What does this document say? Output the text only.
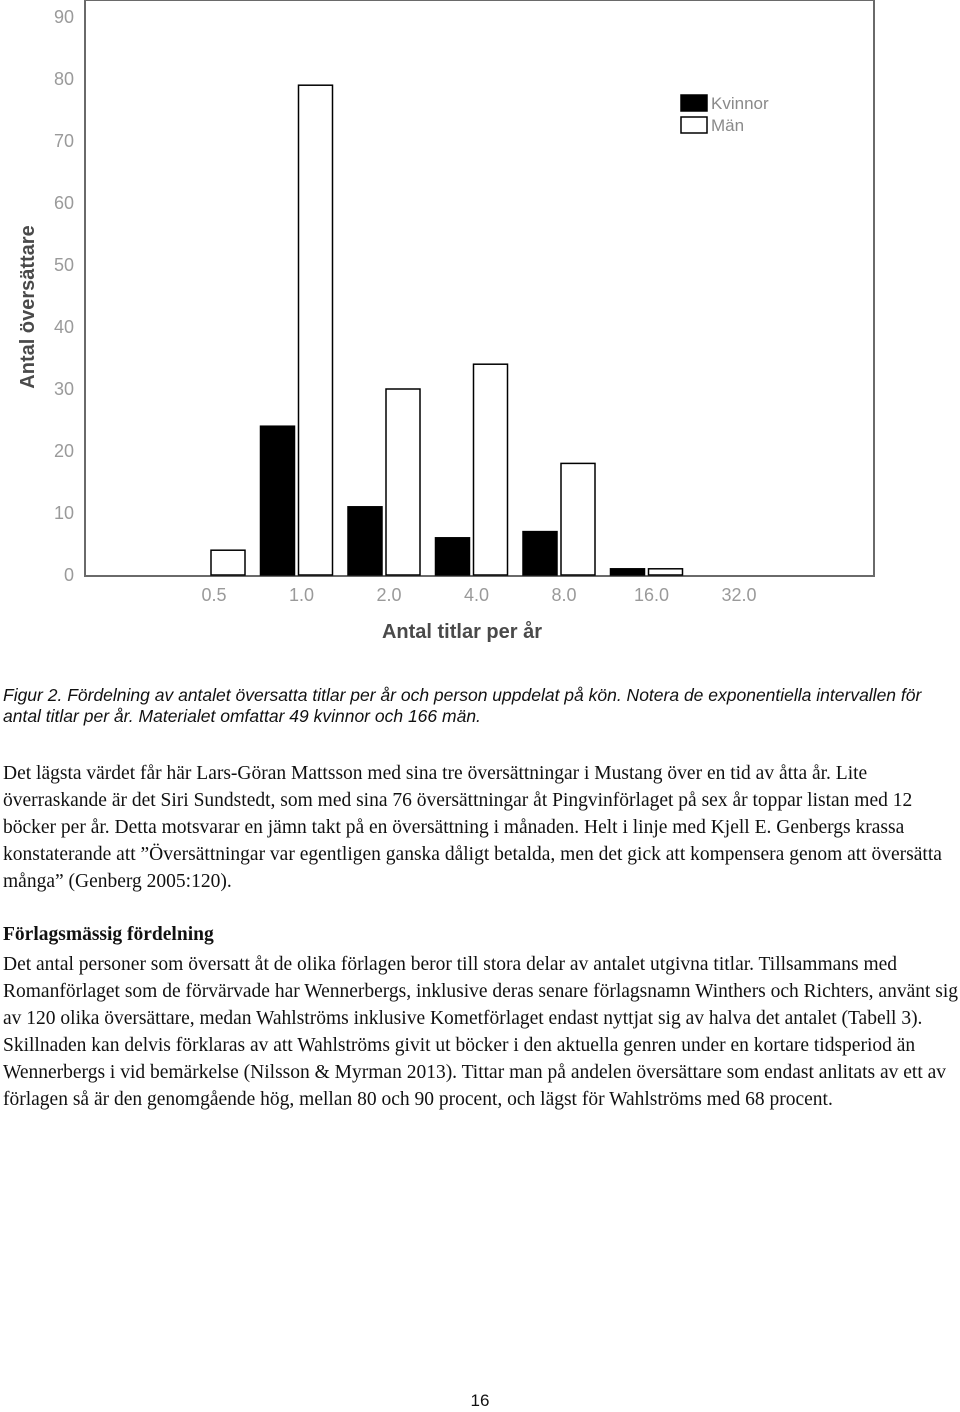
0
10
20
30
40
50
60
70
80
90
0.5	1.0	2.0	4.0	8.0	16.0	32.0
Antal översättare
Antal titlar per år
Kvinnor
Män
Figur 2. Fördelning av antalet översatta titlar per år och person uppdelat på kön. Notera de exponentiella intervallen för antal titlar per år. Materialet omfattar 49 kvinnor och 166 män.

Det lägsta värdet får här Lars-Göran Mattsson med sina tre översättningar i Mustang över en tid av åtta år. Lite överraskande är det Siri Sundstedt, som med sina 76 översättningar åt Pingvinförlaget på sex år toppar listan med 12 böcker per år. Detta motsvarar en jämn takt på en översättning i månaden. Helt i linje med Kjell E. Genbergs krassa konstaterande att ”Översättningar var egentligen ganska dåligt betalda, men det gick att kompensera genom att översätta många” (Genberg 2005:120).

Förlagsmässig fördelning

Det antal personer som översatt åt de olika förlagen beror till stora delar av antalet utgivna titlar. Tillsammans med Romanförlaget som de förvärvade har Wennerbergs, inklusive deras senare förlagsnamn Winthers och Richters, använt sig av 120 olika översättare, medan Wahlströms inklusive Kometförlaget endast nyttjat sig av halva det antalet (Tabell 3). Skillnaden kan delvis förklaras av att Wahlströms givit ut böcker i den aktuella genren under en kortare tidsperiod än Wennerbergs i vid bemärkelse (Nilsson & Myrman 2013). Tittar man på andelen översättare som endast anlitats av ett av förlagen så är den genomgående hög, mellan 80 och 90 procent, och lägst för Wahlströms med 68 procent.

16
